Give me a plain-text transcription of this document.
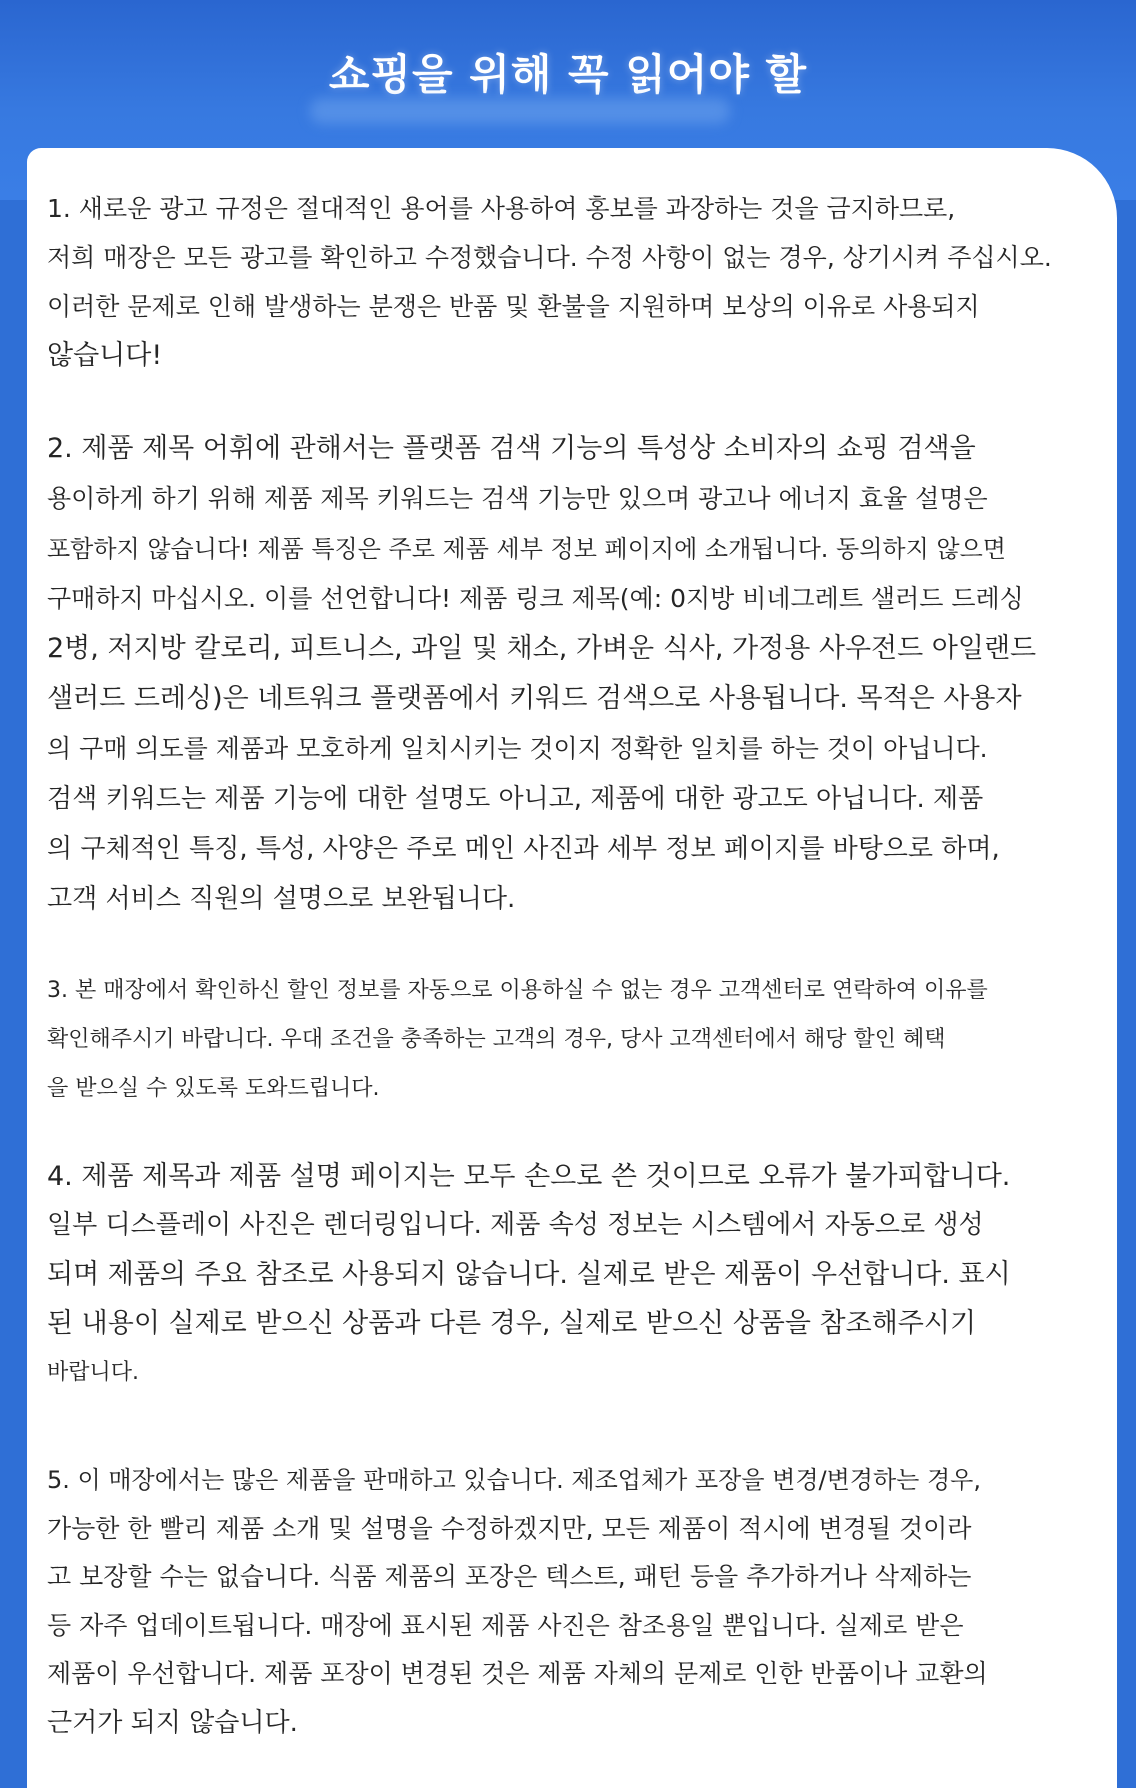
쇼핑을 위해 꼭 읽어야 할

1. 새로운 광고 규정은 절대적인 용어를 사용하여 홍보를 과장하는 것을 금지하므로,

저희 매장은 모든 광고를 확인하고 수정했습니다. 수정 사항이 없는 경우, 상기시켜 주십시오.

이러한 문제로 인해 발생하는 분쟁은 반품 및 환불을 지원하며 보상의 이유로 사용되지

않습니다!

2. 제품 제목 어휘에 관해서는 플랫폼 검색 기능의 특성상 소비자의 쇼핑 검색을

용이하게 하기 위해 제품 제목 키워드는 검색 기능만 있으며 광고나 에너지 효율 설명은

포함하지 않습니다! 제품 특징은 주로 제품 세부 정보 페이지에 소개됩니다. 동의하지 않으면

구매하지 마십시오. 이를 선언합니다! 제품 링크 제목(예: 0지방 비네그레트 샐러드 드레싱

2병, 저지방 칼로리, 피트니스, 과일 및 채소, 가벼운 식사, 가정용 사우전드 아일랜드

샐러드 드레싱)은 네트워크 플랫폼에서 키워드 검색으로 사용됩니다. 목적은 사용자

의 구매 의도를 제품과 모호하게 일치시키는 것이지 정확한 일치를 하는 것이 아닙니다.

검색 키워드는 제품 기능에 대한 설명도 아니고, 제품에 대한 광고도 아닙니다. 제품

의 구체적인 특징, 특성, 사양은 주로 메인 사진과 세부 정보 페이지를 바탕으로 하며,

고객 서비스 직원의 설명으로 보완됩니다.

3. 본 매장에서 확인하신 할인 정보를 자동으로 이용하실 수 없는 경우 고객센터로 연락하여 이유를

확인해주시기 바랍니다. 우대 조건을 충족하는 고객의 경우, 당사 고객센터에서 해당 할인 혜택

을 받으실 수 있도록 도와드립니다.

4. 제품 제목과 제품 설명 페이지는 모두 손으로 쓴 것이므로 오류가 불가피합니다.

일부 디스플레이 사진은 렌더링입니다. 제품 속성 정보는 시스템에서 자동으로 생성

되며 제품의 주요 참조로 사용되지 않습니다. 실제로 받은 제품이 우선합니다. 표시

된 내용이 실제로 받으신 상품과 다른 경우, 실제로 받으신 상품을 참조해주시기

바랍니다.

5. 이 매장에서는 많은 제품을 판매하고 있습니다. 제조업체가 포장을 변경/변경하는 경우,

가능한 한 빨리 제품 소개 및 설명을 수정하겠지만, 모든 제품이 적시에 변경될 것이라

고 보장할 수는 없습니다. 식품 제품의 포장은 텍스트, 패턴 등을 추가하거나 삭제하는

등 자주 업데이트됩니다. 매장에 표시된 제품 사진은 참조용일 뿐입니다. 실제로 받은

제품이 우선합니다. 제품 포장이 변경된 것은 제품 자체의 문제로 인한 반품이나 교환의

근거가 되지 않습니다.
